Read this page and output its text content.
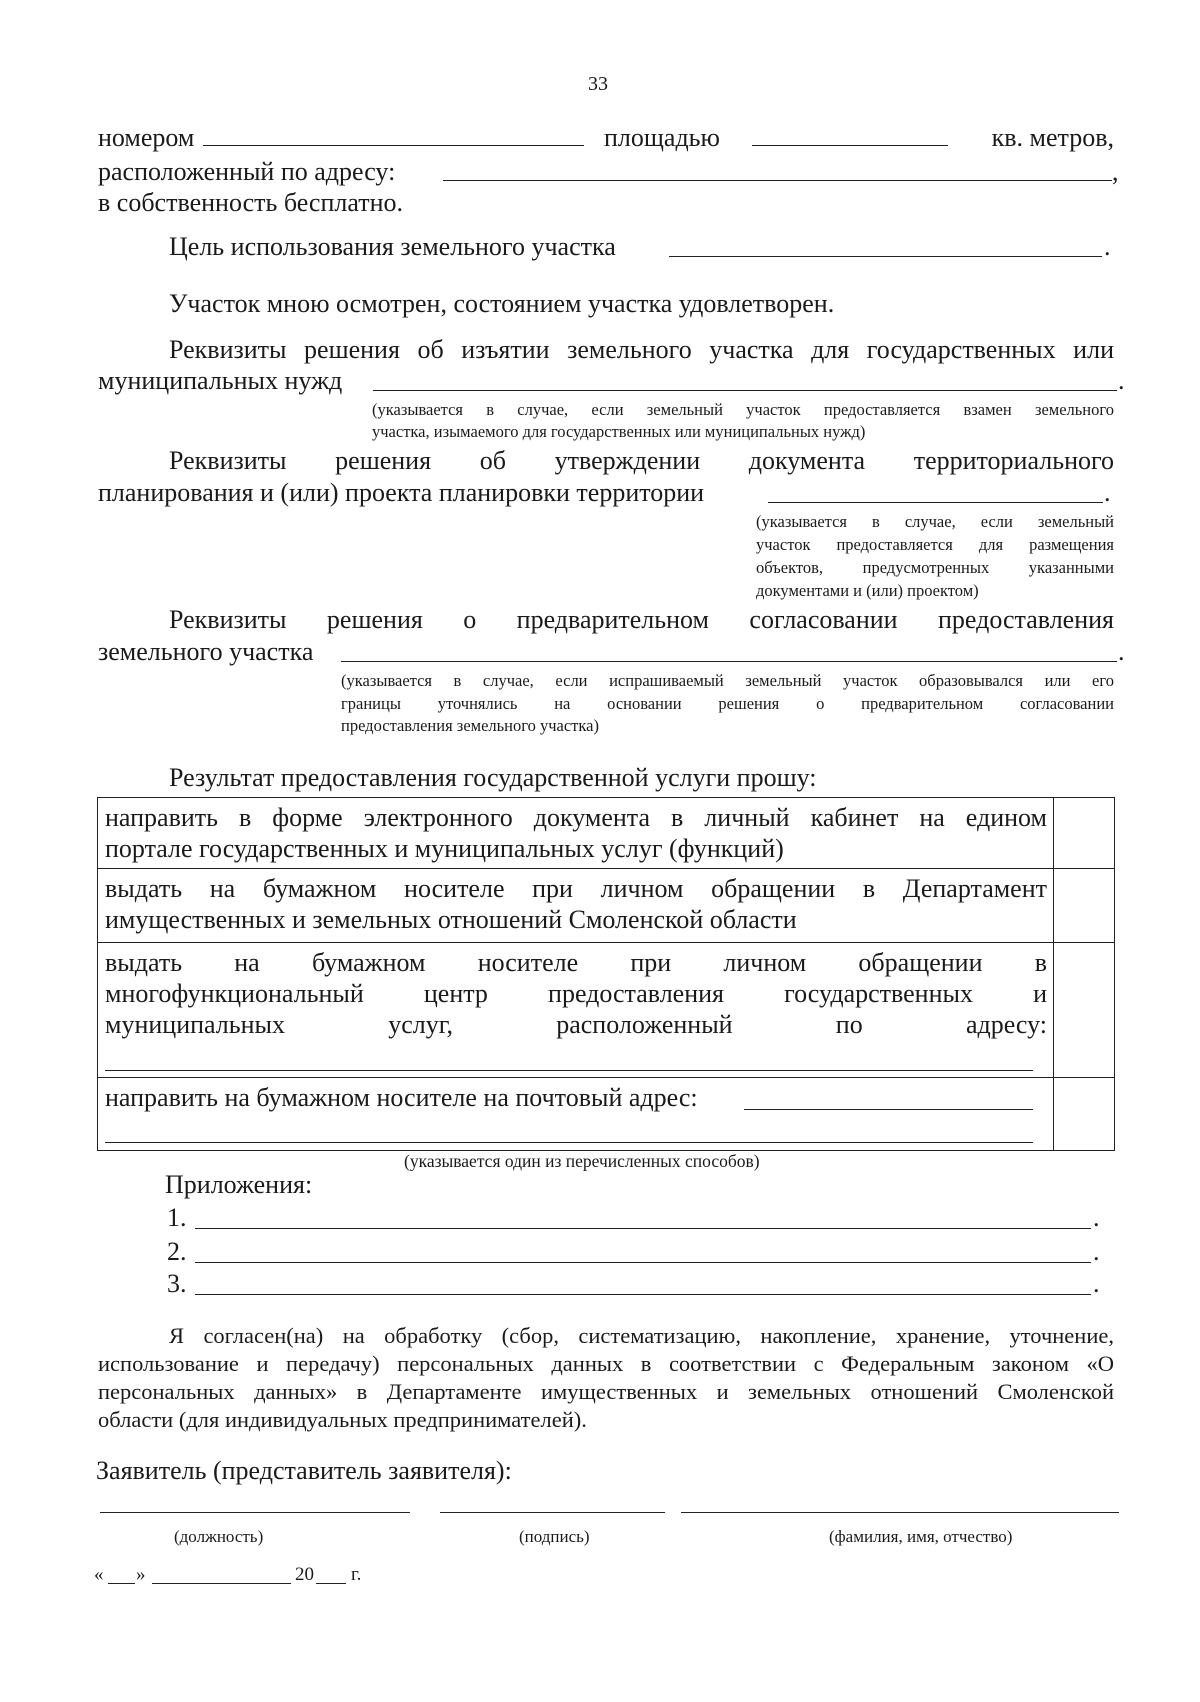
33
номером	площадью	кв. метров,
расположенный по адресу:	,
в собственность бесплатно.
Цель использования земельного участка	.
Участок мною осмотрен, состоянием участка удовлетворен.
Реквизиты решения об изъятии земельного участка для государственных или
муниципальных нужд	.
(указывается в случае, если земельный участок предоставляется взамен земельного
участка, изымаемого для государственных или муниципальных нужд)
Реквизиты решения об утверждении документа территориального
планирования и (или) проекта планировки территории	.
(указывается в случае, если земельный
участок предоставляется для размещения
объектов, предусмотренных указанными
документами и (или) проектом)
Реквизиты решения о предварительном согласовании предоставления
земельного участка	.
(указывается в случае, если испрашиваемый земельный участок образовывался или его
границы уточнялись на основании решения о предварительном согласовании
предоставления земельного участка)
Результат предоставления государственной услуги прошу:
направить в форме электронного документа в личный кабинет на едином
портале государственных и муниципальных услуг (функций)	

выдать на бумажном носителе при личном обращении в Департамент
имущественных и земельных отношений Смоленской области	

выдать на бумажном носителе при личном обращении в
многофункциональный центр предоставления государственных и
муниципальных услуг, расположенный по адресу:	

направить на бумажном носителе на почтовый адрес:

(указывается один из перечисленных способов)
Приложения:
1.	.
2.	.
3.	.
Я согласен(на) на обработку (сбор, систематизацию, накопление, хранение, уточнение,
использование и передачу) персональных данных в соответствии с Федеральным законом «О
персональных данных» в Департаменте имущественных и земельных отношений Смоленской
области (для индивидуальных предпринимателей).
Заявитель (представитель заявителя):
(должность)	(подпись)	(фамилия, имя, отчество)
« »	20 г.
